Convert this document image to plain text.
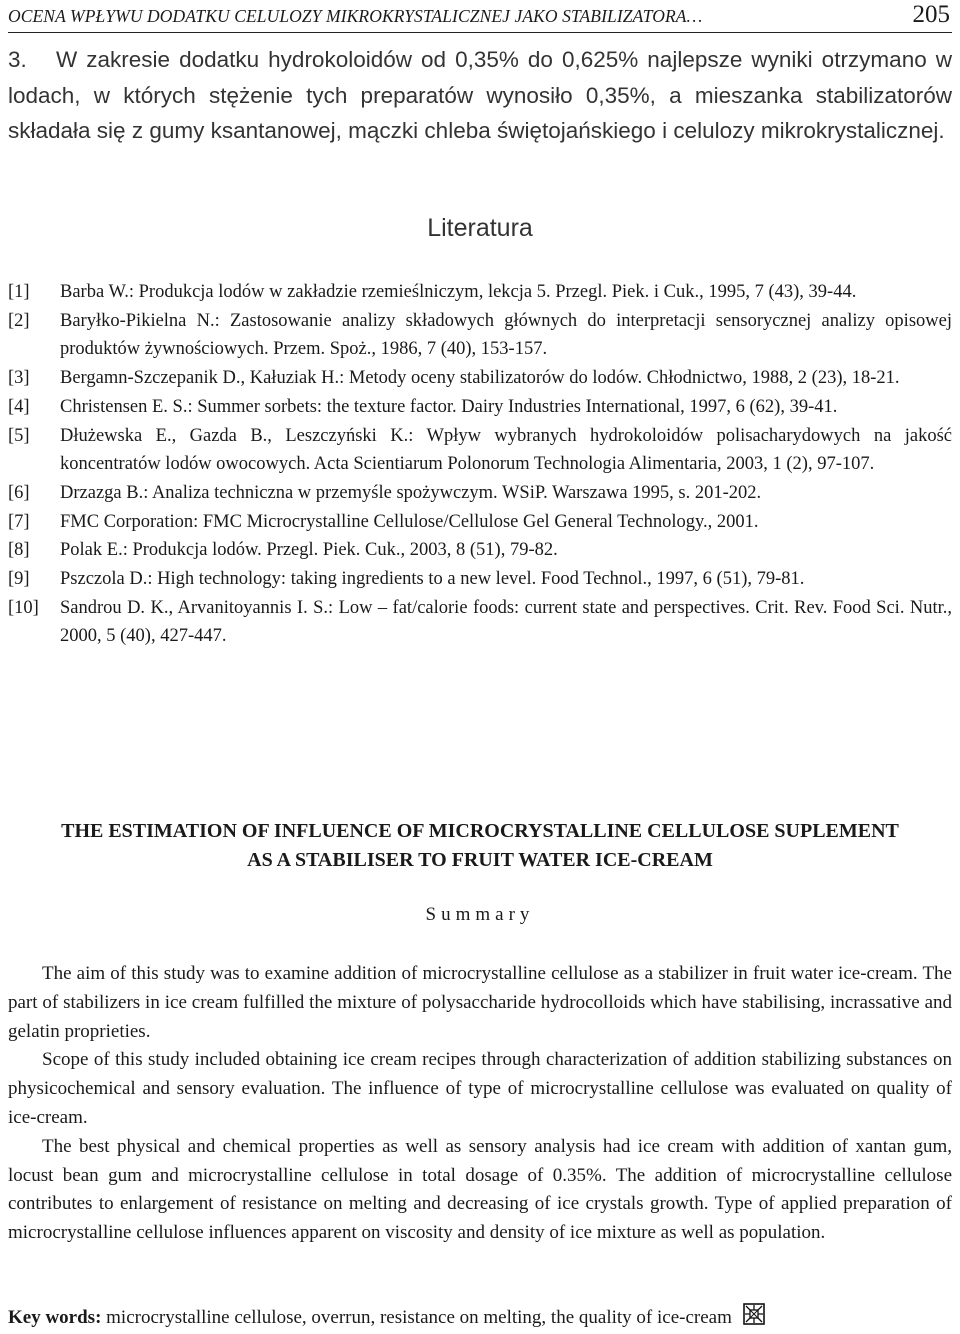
OCENA WPŁYWU DODATKU CELULOZY MIKROKRYSTALICZNEJ JAKO STABILIZATORA…	205
3.	W zakresie dodatku hydrokoloidów od 0,35% do 0,625% najlepsze wyniki otrzymano w lodach, w których stężenie tych preparatów wynosiło 0,35%, a mieszanka stabilizatorów składała się z gumy ksantanowej, mączki chleba świętojańskiego i celulozy mikrokrystalicznej.
Literatura
[1] Barba W.: Produkcja lodów w zakładzie rzemieślniczym, lekcja 5. Przegl. Piek. i Cuk., 1995, 7 (43), 39-44.
[2] Baryłko-Pikielna N.: Zastosowanie analizy składowych głównych do interpretacji sensorycznej analizy opisowej produktów żywnościowych. Przem. Spoż., 1986, 7 (40), 153-157.
[3] Bergamn-Szczepanik D., Kałuziak H.: Metody oceny stabilizatorów do lodów. Chłodnictwo, 1988, 2 (23), 18-21.
[4] Christensen E. S.: Summer sorbets: the texture factor. Dairy Industries International, 1997, 6 (62), 39-41.
[5] Dłużewska E., Gazda B., Leszczyński K.: Wpływ wybranych hydrokoloidów polisacharydowych na jakość koncentratów lodów owocowych. Acta Scientiarum Polonorum Technologia Alimentaria, 2003, 1 (2), 97-107.
[6] Drzazga B.: Analiza techniczna w przemyśle spożywczym. WSiP. Warszawa 1995, s. 201-202.
[7] FMC Corporation: FMC Microcrystalline Cellulose/Cellulose Gel General Technology., 2001.
[8] Polak E.: Produkcja lodów. Przegl. Piek. Cuk., 2003, 8 (51), 79-82.
[9] Pszczola D.: High technology: taking ingredients to a new level. Food Technol., 1997, 6 (51), 79-81.
[10] Sandrou D. K., Arvanitoyannis I. S.: Low – fat/calorie foods: current state and perspectives. Crit. Rev. Food Sci. Nutr., 2000, 5 (40), 427-447.
THE ESTIMATION OF INFLUENCE OF MICROCRYSTALLINE CELLULOSE SUPLEMENT
AS A STABILISER TO FRUIT WATER ICE-CREAM
Summary

The aim of this study was to examine addition of microcrystalline cellulose as a stabilizer in fruit water ice-cream. The part of stabilizers in ice cream fulfilled the mixture of polysaccharide hydrocolloids which have stabilising, incrassative and gelatin proprieties.

Scope of this study included obtaining ice cream recipes through characterization of addition stabilizing substances on physicochemical and sensory evaluation. The influence of type of microcrystalline cellulose was evaluated on quality of ice-cream.

The best physical and chemical properties as well as sensory analysis had ice cream with addition of xantan gum, locust bean gum and microcrystalline cellulose in total dosage of 0.35%. The addition of microcrystalline cellulose contributes to enlargement of resistance on melting and decreasing of ice crystals growth. Type of applied preparation of microcrystalline cellulose influences apparent on viscosity and density of ice mixture as well as population.

Key words: microcrystalline cellulose, overrun, resistance on melting, the quality of ice-cream
